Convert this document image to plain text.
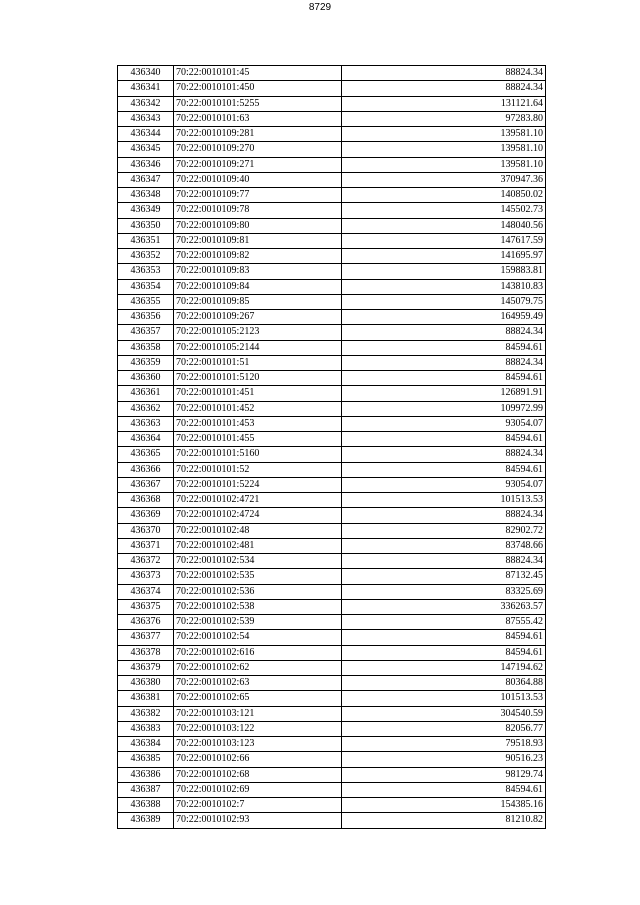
8729
436340	70:22:0010101:45	88824.34
436341	70:22:0010101:450	88824.34
436342	70:22:0010101:5255	131121.64
436343	70:22:0010101:63	97283.80
436344	70:22:0010109:281	139581.10
436345	70:22:0010109:270	139581.10
436346	70:22:0010109:271	139581.10
436347	70:22:0010109:40	370947.36
436348	70:22:0010109:77	140850.02
436349	70:22:0010109:78	145502.73
436350	70:22:0010109:80	148040.56
436351	70:22:0010109:81	147617.59
436352	70:22:0010109:82	141695.97
436353	70:22:0010109:83	159883.81
436354	70:22:0010109:84	143810.83
436355	70:22:0010109:85	145079.75
436356	70:22:0010109:267	164959.49
436357	70:22:0010105:2123	88824.34
436358	70:22:0010105:2144	84594.61
436359	70:22:0010101:51	88824.34
436360	70:22:0010101:5120	84594.61
436361	70:22:0010101:451	126891.91
436362	70:22:0010101:452	109972.99
436363	70:22:0010101:453	93054.07
436364	70:22:0010101:455	84594.61
436365	70:22:0010101:5160	88824.34
436366	70:22:0010101:52	84594.61
436367	70:22:0010101:5224	93054.07
436368	70:22:0010102:4721	101513.53
436369	70:22:0010102:4724	88824.34
436370	70:22:0010102:48	82902.72
436371	70:22:0010102:481	83748.66
436372	70:22:0010102:534	88824.34
436373	70:22:0010102:535	87132.45
436374	70:22:0010102:536	83325.69
436375	70:22:0010102:538	336263.57
436376	70:22:0010102:539	87555.42
436377	70:22:0010102:54	84594.61
436378	70:22:0010102:616	84594.61
436379	70:22:0010102:62	147194.62
436380	70:22:0010102:63	80364.88
436381	70:22:0010102:65	101513.53
436382	70:22:0010103:121	304540.59
436383	70:22:0010103:122	82056.77
436384	70:22:0010103:123	79518.93
436385	70:22:0010102:66	90516.23
436386	70:22:0010102:68	98129.74
436387	70:22:0010102:69	84594.61
436388	70:22:0010102:7	154385.16
436389	70:22:0010102:93	81210.82
